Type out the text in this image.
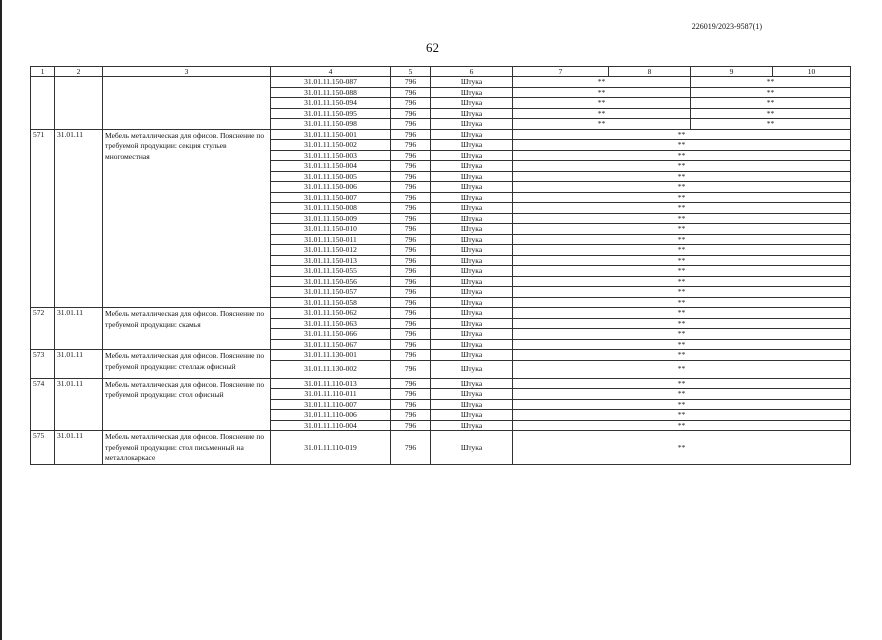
226019/2023-9587(1)
62
1	2	3	4	5	6	7	8	9	10
			31.01.11.150-087	796	Штука	**		**	
			31.01.11.150-088	796	Штука	**		**	
			31.01.11.150-094	796	Штука	**		**	
			31.01.11.150-095	796	Штука	**		**	
			31.01.11.150-098	796	Штука	**		**	
571	31.01.11	Мебель металлическая для офисов. Пояснение по требуемой продукции: секция стульев многоместная	31.01.11.150-001	796	Штука	**			
			31.01.11.150-002	796	Штука	**			
			31.01.11.150-003	796	Штука	**			
			31.01.11.150-004	796	Штука	**			
			31.01.11.150-005	796	Штука	**			
			31.01.11.150-006	796	Штука	**			
			31.01.11.150-007	796	Штука	**			
			31.01.11.150-008	796	Штука	**			
			31.01.11.150-009	796	Штука	**			
			31.01.11.150-010	796	Штука	**			
			31.01.11.150-011	796	Штука	**			
			31.01.11.150-012	796	Штука	**			
			31.01.11.150-013	796	Штука	**			
			31.01.11.150-055	796	Штука	**			
			31.01.11.150-056	796	Штука	**			
			31.01.11.150-057	796	Штука	**			
			31.01.11.150-058	796	Штука	**			
572	31.01.11	Мебель металлическая для офисов. Пояснение по требуемой продукции: скамья	31.01.11.150-062	796	Штука	**			
			31.01.11.150-063	796	Штука	**			
			31.01.11.150-066	796	Штука	**			
			31.01.11.150-067	796	Штука	**			
573	31.01.11	Мебель металлическая для офисов. Пояснение по требуемой продукции: стеллаж офисный	31.01.11.130-001	796	Штука	**			
			31.01.11.130-002	796	Штука	**			
574	31.01.11	Мебель металлическая для офисов. Пояснение по требуемой продукции: стол офисный	31.01.11.110-013	796	Штука	**			
			31.01.11.110-011	796	Штука	**			
			31.01.11.110-007	796	Штука	**			
			31.01.11.110-006	796	Штука	**			
			31.01.11.110-004	796	Штука	**			
575	31.01.11	Мебель металлическая для офисов. Пояснение по требуемой продукции: стол письменный на металлокаркасе	31.01.11.110-019	796	Штука	**			
